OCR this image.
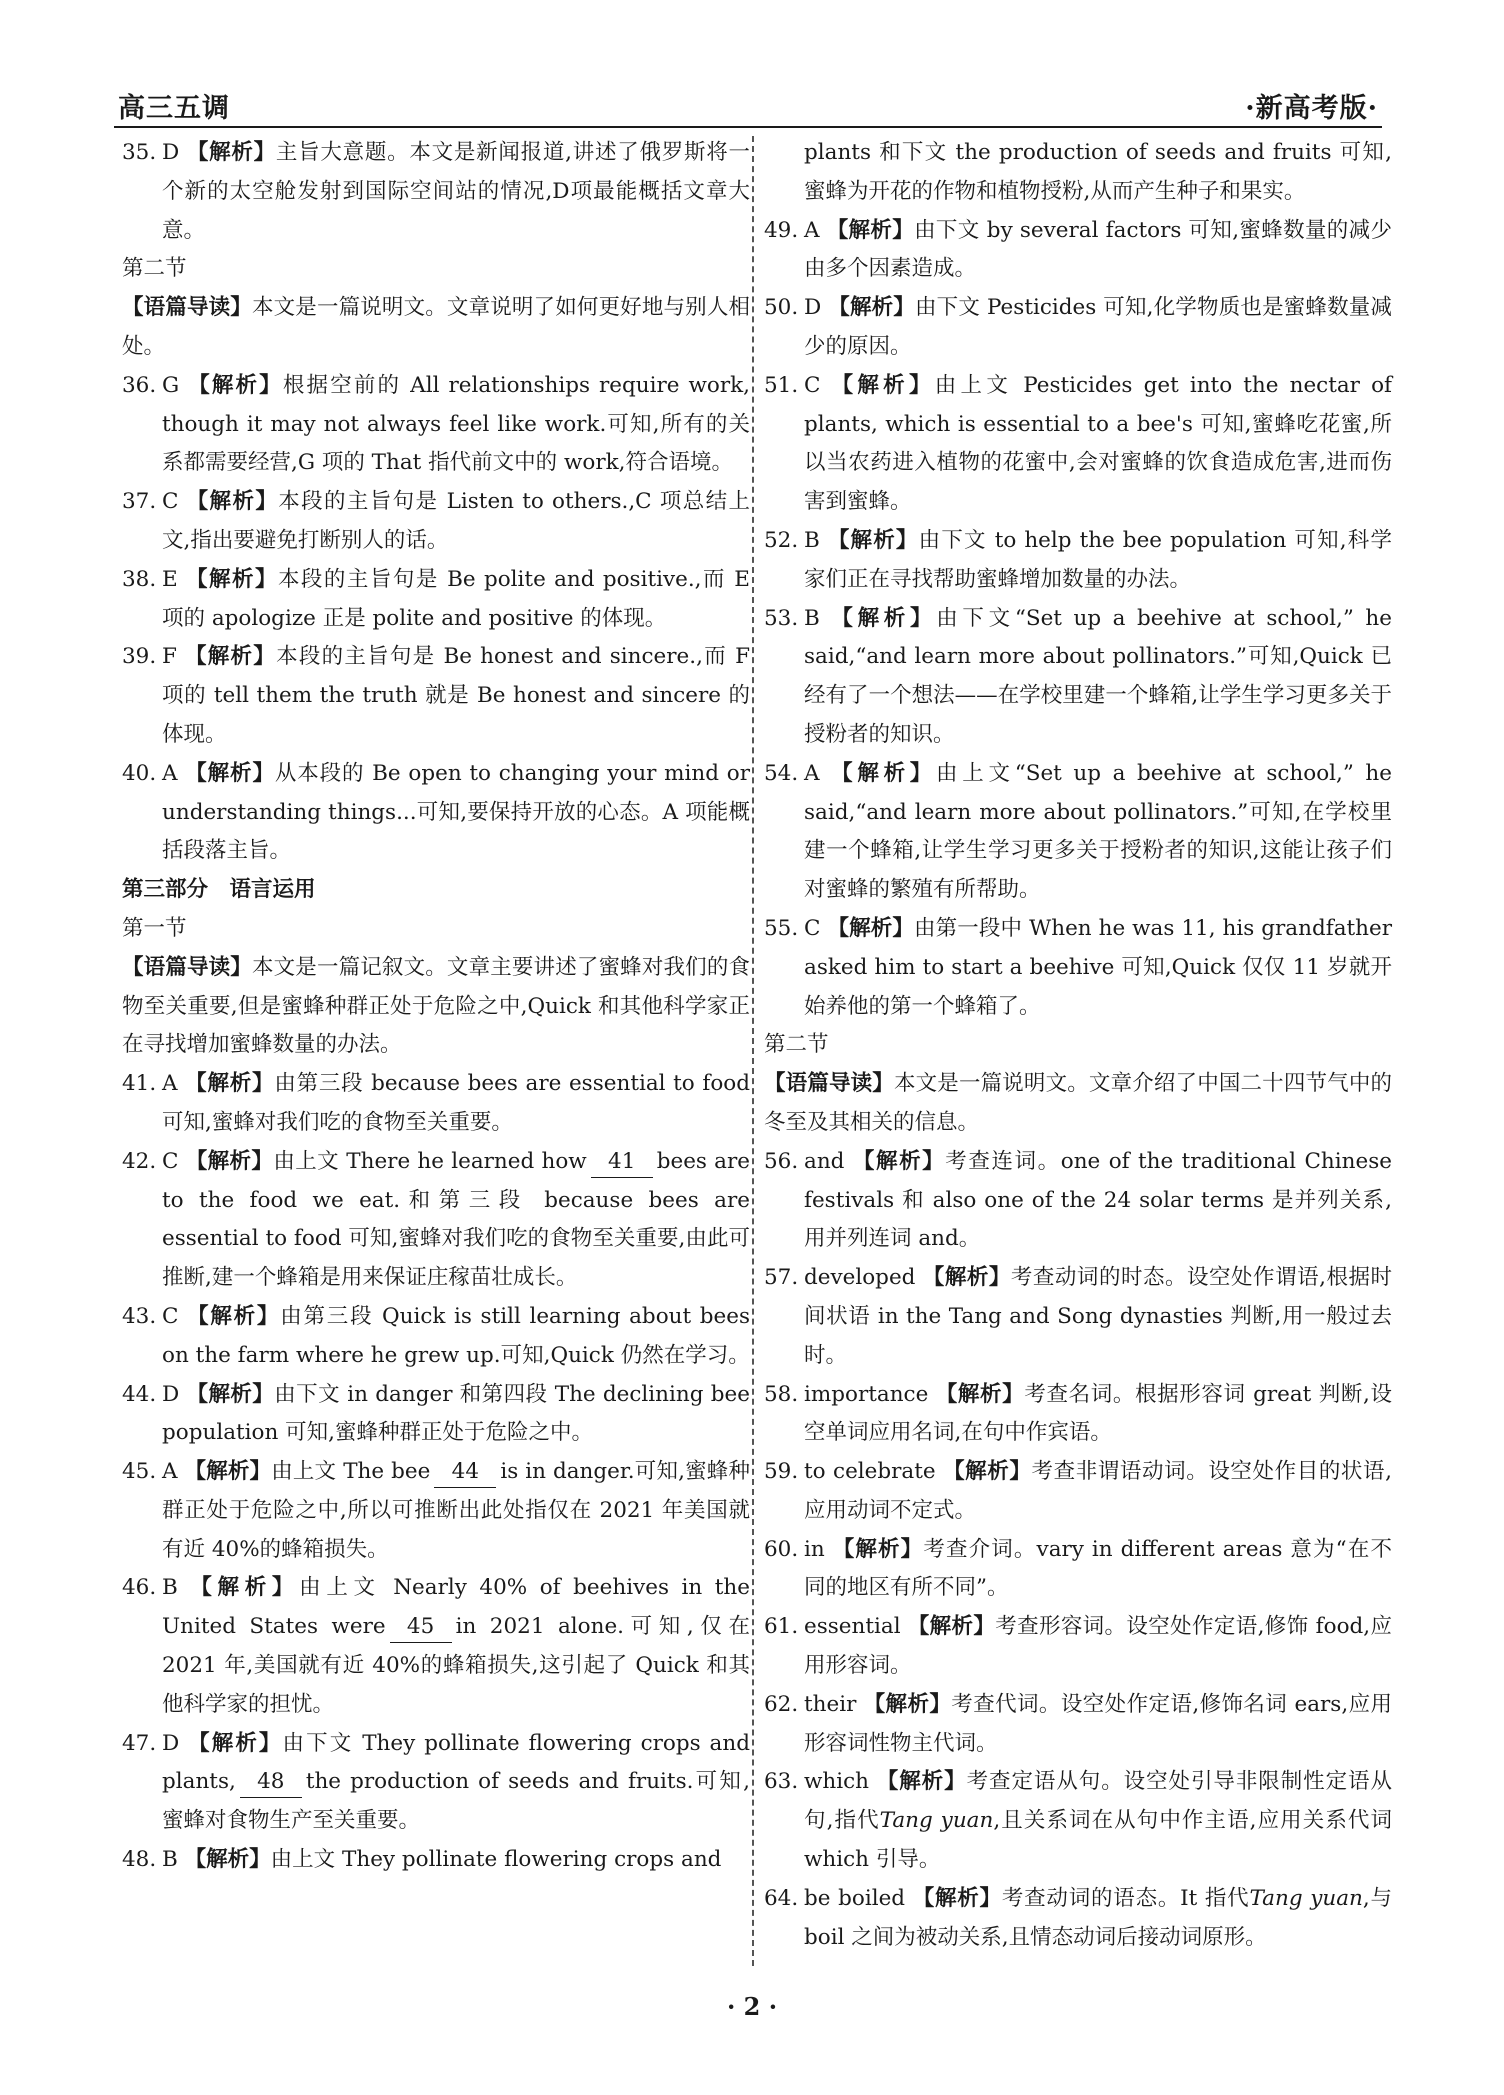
高三五调	·新高考版·
35. D 【解析】主旨大意题。本文是新闻报道,讲述了俄罗斯将一个新的太空舱发射到国际空间站的情况,D项最能概括文章大意。
第二节
【语篇导读】本文是一篇说明文。文章说明了如何更好地与别人相处。
36. G 【解析】根据空前的 All relationships require work, though it may not always feel like work.可知,所有的关系都需要经营,G 项的 That 指代前文中的 work,符合语境。
37. C 【解析】本段的主旨句是 Listen to others.,C 项总结上文,指出要避免打断别人的话。
38. E 【解析】本段的主旨句是 Be polite and positive.,而 E 项的 apologize 正是 polite and positive 的体现。
39. F 【解析】本段的主旨句是 Be honest and sincere.,而 F 项的 tell them the truth 就是 Be honest and sincere 的体现。
40. A 【解析】从本段的 Be open to changing your mind or understanding things...可知,要保持开放的心态。A 项能概括段落主旨。
第三部分　语言运用
第一节
【语篇导读】本文是一篇记叙文。文章主要讲述了蜜蜂对我们的食物至关重要,但是蜜蜂种群正处于危险之中,Quick 和其他科学家正在寻找增加蜜蜂数量的办法。
41. A 【解析】由第三段 because bees are essential to food 可知,蜜蜂对我们吃的食物至关重要。
42. C 【解析】由上文 There he learned how 41 bees are to the food we eat.和第三段 because bees are essential to food 可知,蜜蜂对我们吃的食物至关重要,由此可推断,建一个蜂箱是用来保证庄稼苗壮成长。
43. C 【解析】由第三段 Quick is still learning about bees on the farm where he grew up.可知,Quick 仍然在学习。
44. D 【解析】由下文 in danger 和第四段 The declining bee population 可知,蜜蜂种群正处于危险之中。
45. A 【解析】由上文 The bee 44 is in danger.可知,蜜蜂种群正处于危险之中,所以可推断出此处指仅在 2021 年美国就有近 40%的蜂箱损失。
46. B 【解析】由上文 Nearly 40% of beehives in the United States were 45 in 2021 alone.可知,仅在 2021 年,美国就有近 40%的蜂箱损失,这引起了 Quick 和其他科学家的担忧。
47. D 【解析】由下文 They pollinate flowering crops and plants, 48 the production of seeds and fruits.可知,蜜蜂对食物生产至关重要。
48. B 【解析】由上文 They pollinate flowering crops and
plants 和下文 the production of seeds and fruits 可知,蜜蜂为开花的作物和植物授粉,从而产生种子和果实。
49. A 【解析】由下文 by several factors 可知,蜜蜂数量的减少由多个因素造成。
50. D 【解析】由下文 Pesticides 可知,化学物质也是蜜蜂数量减少的原因。
51. C 【解析】由上文 Pesticides get into the nectar of plants, which is essential to a bee's 可知,蜜蜂吃花蜜,所以当农药进入植物的花蜜中,会对蜜蜂的饮食造成危害,进而伤害到蜜蜂。
52. B 【解析】由下文 to help the bee population 可知,科学家们正在寻找帮助蜜蜂增加数量的办法。
53. B 【解析】由下文“Set up a beehive at school,” he said,“and learn more about pollinators.”可知,Quick 已经有了一个想法——在学校里建一个蜂箱,让学生学习更多关于授粉者的知识。
54. A 【解析】由上文“Set up a beehive at school,” he said,“and learn more about pollinators.”可知,在学校里建一个蜂箱,让学生学习更多关于授粉者的知识,这能让孩子们对蜜蜂的繁殖有所帮助。
55. C 【解析】由第一段中 When he was 11, his grandfather asked him to start a beehive 可知,Quick 仅仅 11 岁就开始养他的第一个蜂箱了。
第二节
【语篇导读】本文是一篇说明文。文章介绍了中国二十四节气中的冬至及其相关的信息。
56. and 【解析】考查连词。one of the traditional Chinese festivals 和 also one of the 24 solar terms 是并列关系,用并列连词 and。
57. developed 【解析】考查动词的时态。设空处作谓语,根据时间状语 in the Tang and Song dynasties 判断,用一般过去时。
58. importance 【解析】考查名词。根据形容词 great 判断,设空单词应用名词,在句中作宾语。
59. to celebrate 【解析】考查非谓语动词。设空处作目的状语,应用动词不定式。
60. in 【解析】考查介词。vary in different areas 意为“在不同的地区有所不同”。
61. essential 【解析】考查形容词。设空处作定语,修饰 food,应用形容词。
62. their 【解析】考查代词。设空处作定语,修饰名词 ears,应用形容词性物主代词。
63. which 【解析】考查定语从句。设空处引导非限制性定语从句,指代Tang yuan,且关系词在从句中作主语,应用关系代词 which 引导。
64. be boiled 【解析】考查动词的语态。It 指代Tang yuan,与 boil 之间为被动关系,且情态动词后接动词原形。
· 2 ·
